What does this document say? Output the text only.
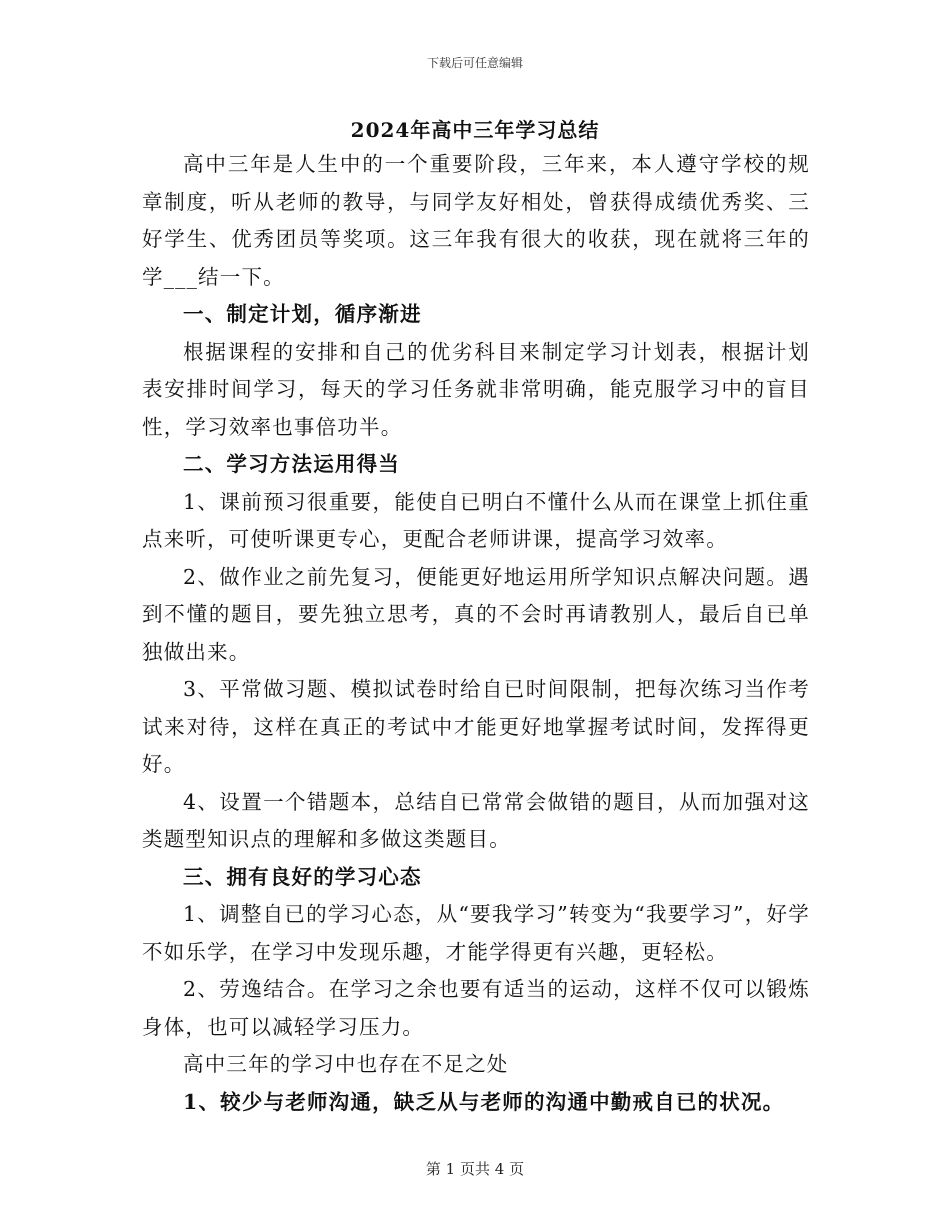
下载后可任意编辑
2024年高中三年学习总结

高中三年是人生中的一个重要阶段，三年来，本人遵守学校的规章制度，听从老师的教导，与同学友好相处，曾获得成绩优秀奖、三好学生、优秀团员等奖项。这三年我有很大的收获，现在就将三年的学___结一下。

一、制定计划，循序渐进

根据课程的安排和自己的优劣科目来制定学习计划表，根据计划表安排时间学习，每天的学习任务就非常明确，能克服学习中的盲目性，学习效率也事倍功半。

二、学习方法运用得当

1、课前预习很重要，能使自已明白不懂什么从而在课堂上抓住重点来听，可使听课更专心，更配合老师讲课，提高学习效率。

2、做作业之前先复习，便能更好地运用所学知识点解决问题。遇到不懂的题目，要先独立思考，真的不会时再请教别人，最后自已单独做出来。

3、平常做习题、模拟试卷时给自已时间限制，把每次练习当作考试来对待，这样在真正的考试中才能更好地掌握考试时间，发挥得更好。

4、设置一个错题本，总结自已常常会做错的题目，从而加强对这类题型知识点的理解和多做这类题目。

三、拥有良好的学习心态

1、调整自已的学习心态，从“要我学习”转变为“我要学习”，好学不如乐学，在学习中发现乐趣，才能学得更有兴趣，更轻松。

2、劳逸结合。在学习之余也要有适当的运动，这样不仅可以锻炼身体，也可以减轻学习压力。

高中三年的学习中也存在不足之处

1、较少与老师沟通，缺乏从与老师的沟通中勤戒自已的状况。

第 1 页共 4 页
